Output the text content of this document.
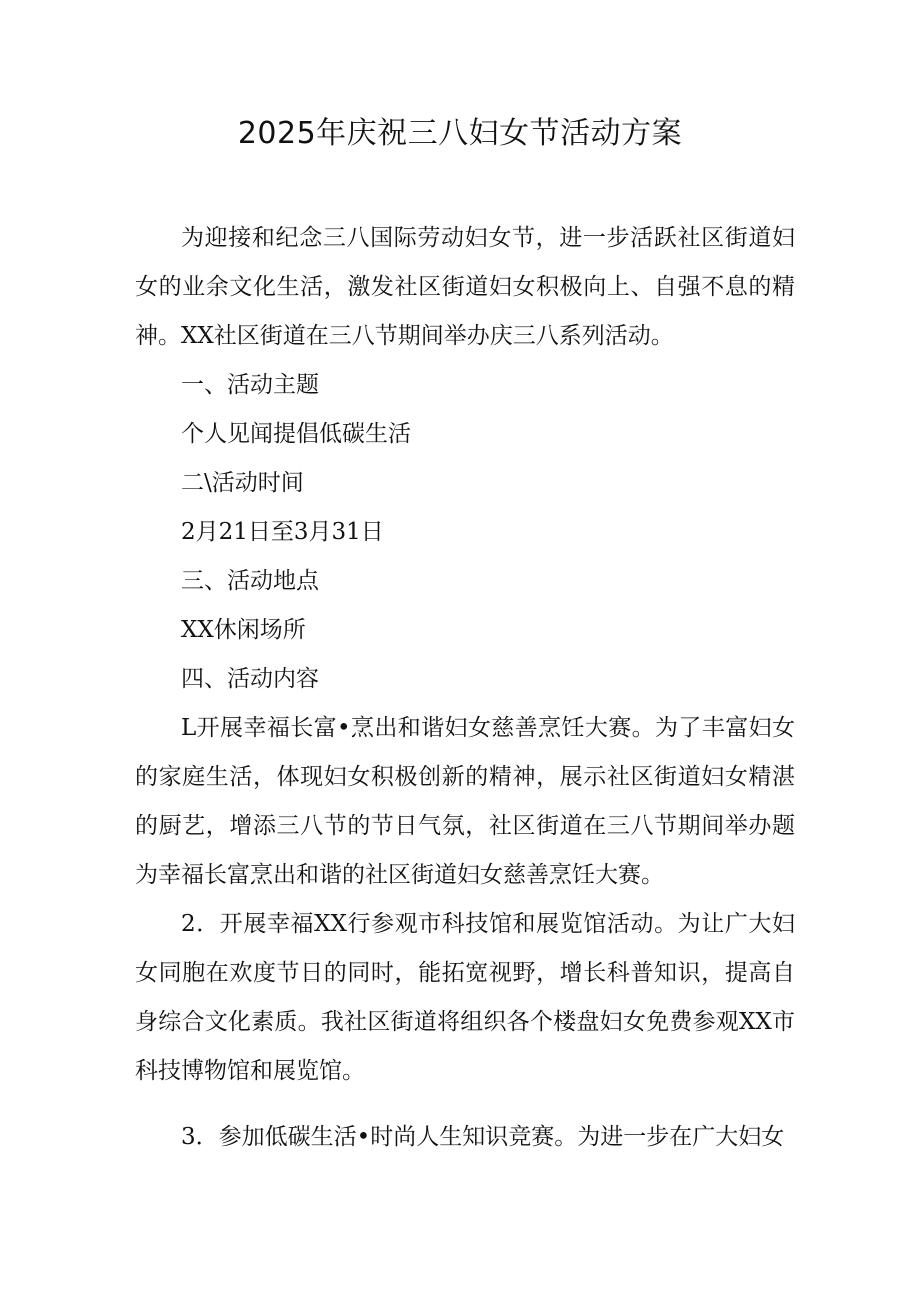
2025年庆祝三八妇女节活动方案

为迎接和纪念三八国际劳动妇女节，进一步活跃社区街道妇女的业余文化生活，激发社区街道妇女积极向上、自强不息的精神。XX社区街道在三八节期间举办庆三八系列活动。

一、活动主题

个人见闻提倡低碳生活

二\活动时间

2月21日至3月31日

三、活动地点

XX休闲场所

四、活动内容

L开展幸福长富•烹出和谐妇女慈善烹饪大赛。为了丰富妇女的家庭生活，体现妇女积极创新的精神，展示社区街道妇女精湛的厨艺，增添三八节的节日气氛，社区街道在三八节期间举办题为幸福长富烹出和谐的社区街道妇女慈善烹饪大赛。

2．开展幸福XX行参观市科技馆和展览馆活动。为让广大妇女同胞在欢度节日的同时，能拓宽视野，增长科普知识，提高自身综合文化素质。我社区街道将组织各个楼盘妇女免费参观XX市科技博物馆和展览馆。

3．参加低碳生活•时尚人生知识竞赛。为进一步在广大妇女
